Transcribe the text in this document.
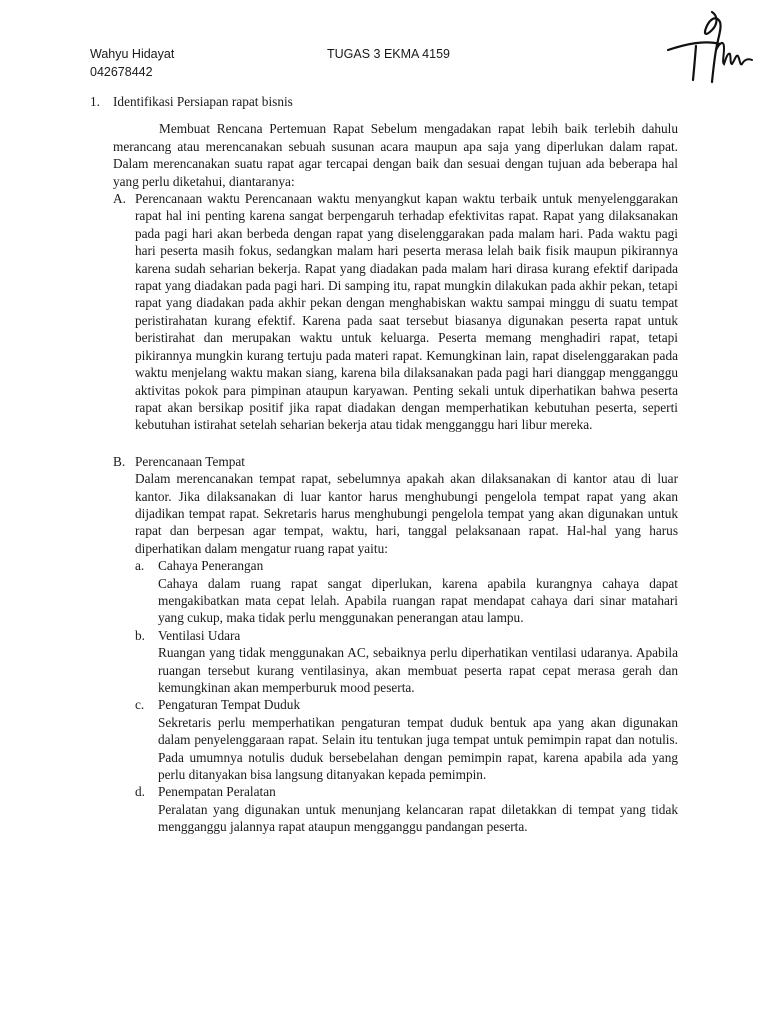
Wahyu Hidayat
042678442
TUGAS 3 EKMA 4159
1. Identifikasi Persiapan rapat bisnis

Membuat Rencana Pertemuan Rapat Sebelum mengadakan rapat lebih baik terlebih dahulu merancang atau merencanakan sebuah susunan acara maupun apa saja yang diperlukan dalam rapat. Dalam merencanakan suatu rapat agar tercapai dengan baik dan sesuai dengan tujuan ada beberapa hal yang perlu diketahui, diantaranya:

A. Perencanaan waktu Perencanaan waktu menyangkut kapan waktu terbaik untuk menyelenggarakan rapat hal ini penting karena sangat berpengaruh terhadap efektivitas rapat. Rapat yang dilaksanakan pada pagi hari akan berbeda dengan rapat yang diselenggarakan pada malam hari. Pada waktu pagi hari peserta masih fokus, sedangkan malam hari peserta merasa lelah baik fisik maupun pikirannya karena sudah seharian bekerja. Rapat yang diadakan pada malam hari dirasa kurang efektif daripada rapat yang diadakan pada pagi hari. Di samping itu, rapat mungkin dilakukan pada akhir pekan, tetapi rapat yang diadakan pada akhir pekan dengan menghabiskan waktu sampai minggu di suatu tempat peristirahatan kurang efektif. Karena pada saat tersebut biasanya digunakan peserta rapat untuk beristirahat dan merupakan waktu untuk keluarga. Peserta memang menghadiri rapat, tetapi pikirannya mungkin kurang tertuju pada materi rapat. Kemungkinan lain, rapat diselenggarakan pada waktu menjelang waktu makan siang, karena bila dilaksanakan pada pagi hari dianggap mengganggu aktivitas pokok para pimpinan ataupun karyawan. Penting sekali untuk diperhatikan bahwa peserta rapat akan bersikap positif jika rapat diadakan dengan memperhatikan kebutuhan peserta, seperti kebutuhan istirahat setelah seharian bekerja atau tidak mengganggu hari libur mereka.

B. Perencanaan Tempat

Dalam merencanakan tempat rapat, sebelumnya apakah akan dilaksanakan di kantor atau di luar kantor. Jika dilaksanakan di luar kantor harus menghubungi pengelola tempat rapat yang akan dijadikan tempat rapat. Sekretaris harus menghubungi pengelola tempat yang akan digunakan untuk rapat dan berpesan agar tempat, waktu, hari, tanggal pelaksanaan rapat. Hal-hal yang harus diperhatikan dalam mengatur ruang rapat yaitu:

a. Cahaya Penerangan

Cahaya dalam ruang rapat sangat diperlukan, karena apabila kurangnya cahaya dapat mengakibatkan mata cepat lelah. Apabila ruangan rapat mendapat cahaya dari sinar matahari yang cukup, maka tidak perlu menggunakan penerangan atau lampu.

b. Ventilasi Udara

Ruangan yang tidak menggunakan AC, sebaiknya perlu diperhatikan ventilasi udaranya. Apabila ruangan tersebut kurang ventilasinya, akan membuat peserta rapat cepat merasa gerah dan kemungkinan akan memperburuk mood peserta.

c. Pengaturan Tempat Duduk

Sekretaris perlu memperhatikan pengaturan tempat duduk bentuk apa yang akan digunakan dalam penyelenggaraan rapat. Selain itu tentukan juga tempat untuk pemimpin rapat dan notulis. Pada umumnya notulis duduk bersebelahan dengan pemimpin rapat, karena apabila ada yang perlu ditanyakan bisa langsung ditanyakan kepada pemimpin.

d. Penempatan Peralatan

Peralatan yang digunakan untuk menunjang kelancaran rapat diletakkan di tempat yang tidak mengganggu jalannya rapat ataupun mengganggu pandangan peserta.
